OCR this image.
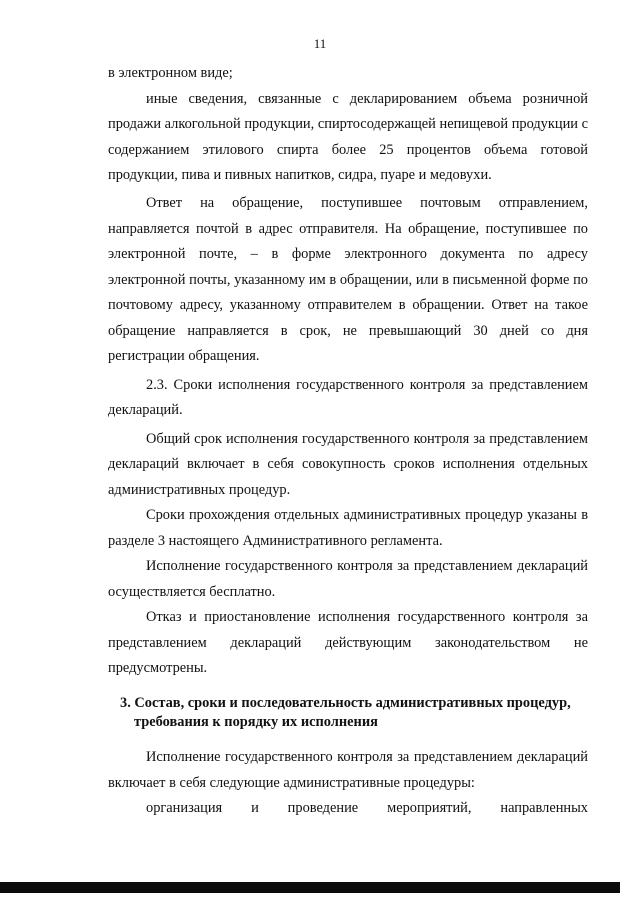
11

в электронном виде;

иные сведения, связанные с декларированием объема розничной продажи алкогольной продукции, спиртосодержащей непищевой продукции с содержанием этилового спирта более 25 процентов объема готовой продукции, пива и пивных напитков, сидра, пуаре и медовухи.

Ответ на обращение, поступившее почтовым отправлением, направляется почтой в адрес отправителя. На обращение, поступившее по электронной почте, – в форме электронного документа по адресу электронной почты, указанному им в обращении, или в письменной форме по почтовому адресу, указанному отправителем в обращении. Ответ на такое обращение направляется в срок, не превышающий 30 дней со дня регистрации обращения.

2.3. Сроки исполнения государственного контроля за представлением деклараций.

Общий срок исполнения государственного контроля за представлением деклараций включает в себя совокупность сроков исполнения отдельных административных процедур.

Сроки прохождения отдельных административных процедур указаны в разделе 3 настоящего Административного регламента.

Исполнение государственного контроля за представлением деклараций осуществляется бесплатно.

Отказ и приостановление исполнения государственного контроля за представлением деклараций действующим законодательством не предусмотрены.

3. Состав, сроки и последовательность административных процедур, требования к порядку их исполнения

Исполнение государственного контроля за представлением деклараций включает в себя следующие административные процедуры:

организация и проведение мероприятий, направленных
